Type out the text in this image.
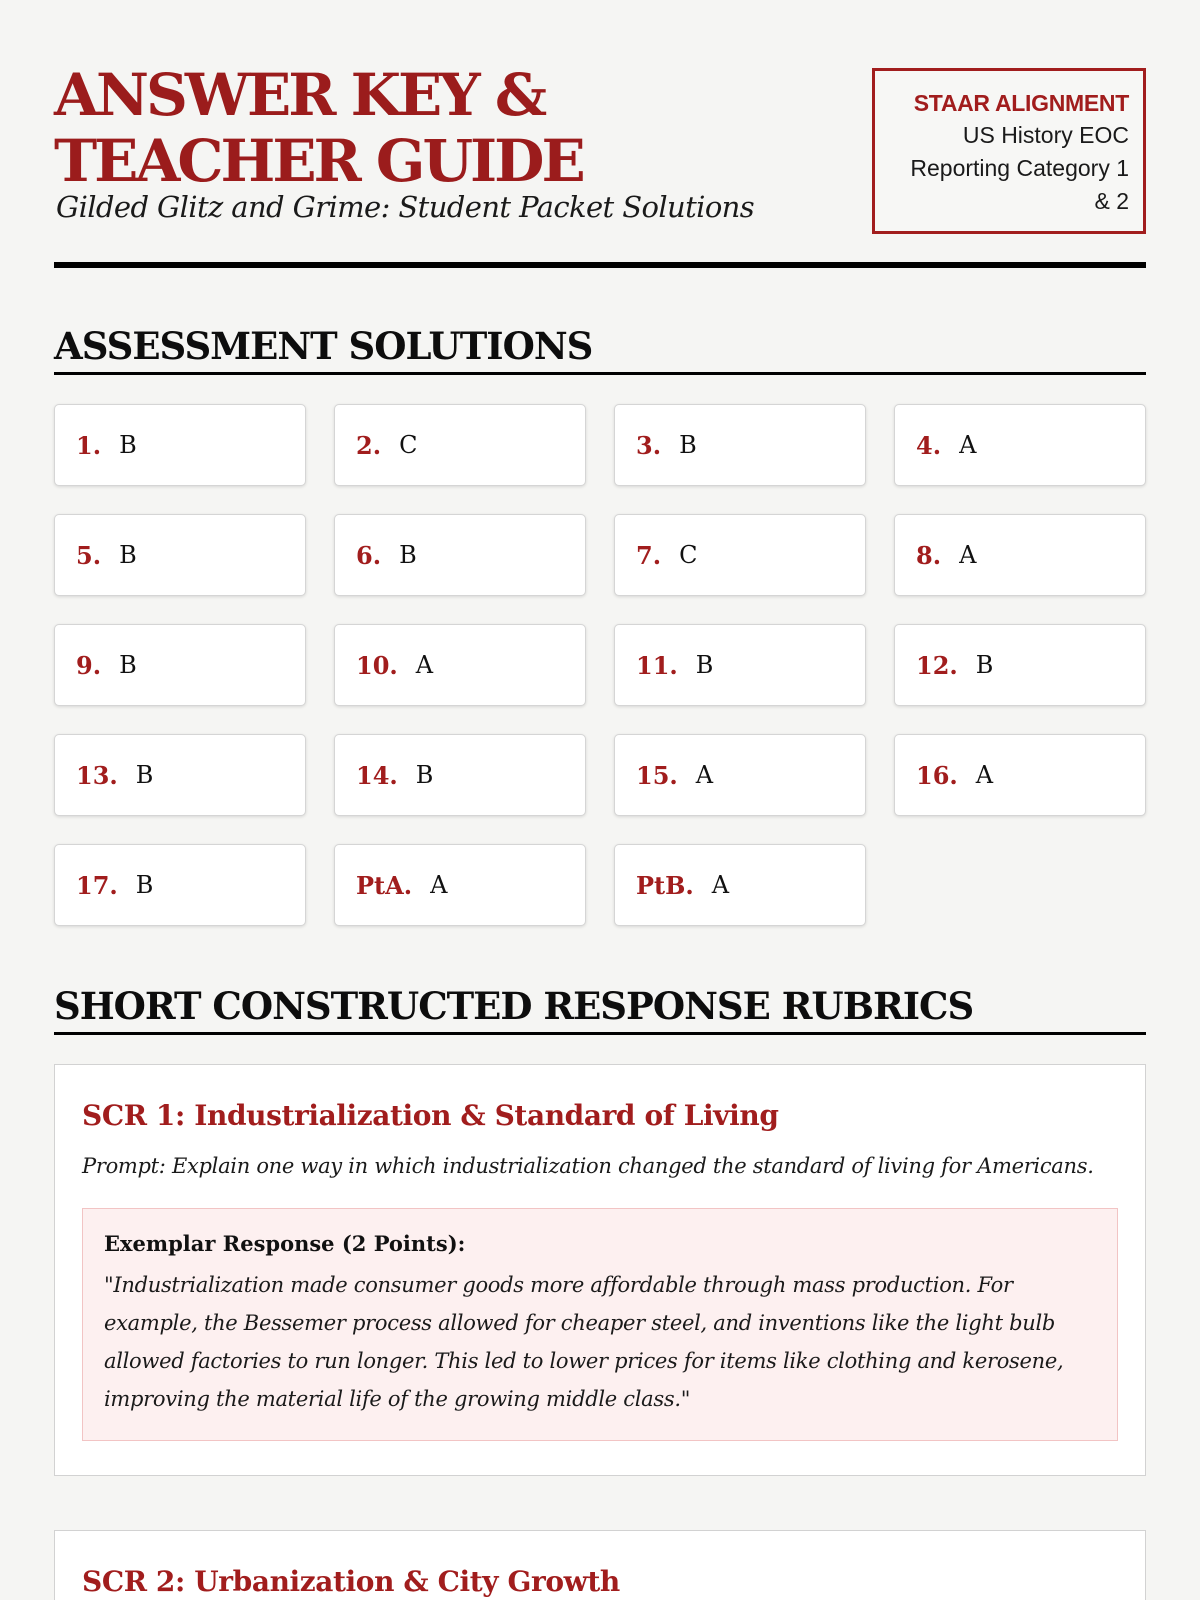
ANSWER KEY & TEACHER GUIDE
Gilded Glitz and Grime: Student Packet Solutions
STAAR ALIGNMENT
US History EOC
Reporting Category 1
& 2
ASSESSMENT SOLUTIONS
1. B	2. C	3. B	4. A
5. B	6. B	7. C	8. A
9. B	10. A	11. B	12. B
13. B	14. B	15. A	16. A
17. B	PtA. A	PtB. A
SHORT CONSTRUCTED RESPONSE RUBRICS
SCR 1: Industrialization & Standard of Living
Prompt: Explain one way in which industrialization changed the standard of living for Americans.
Exemplar Response (2 Points):
"Industrialization made consumer goods more affordable through mass production. For example, the Bessemer process allowed for cheaper steel, and inventions like the light bulb allowed factories to run longer. This led to lower prices for items like clothing and kerosene, improving the material life of the growing middle class."
SCR 2: Urbanization & City Growth
